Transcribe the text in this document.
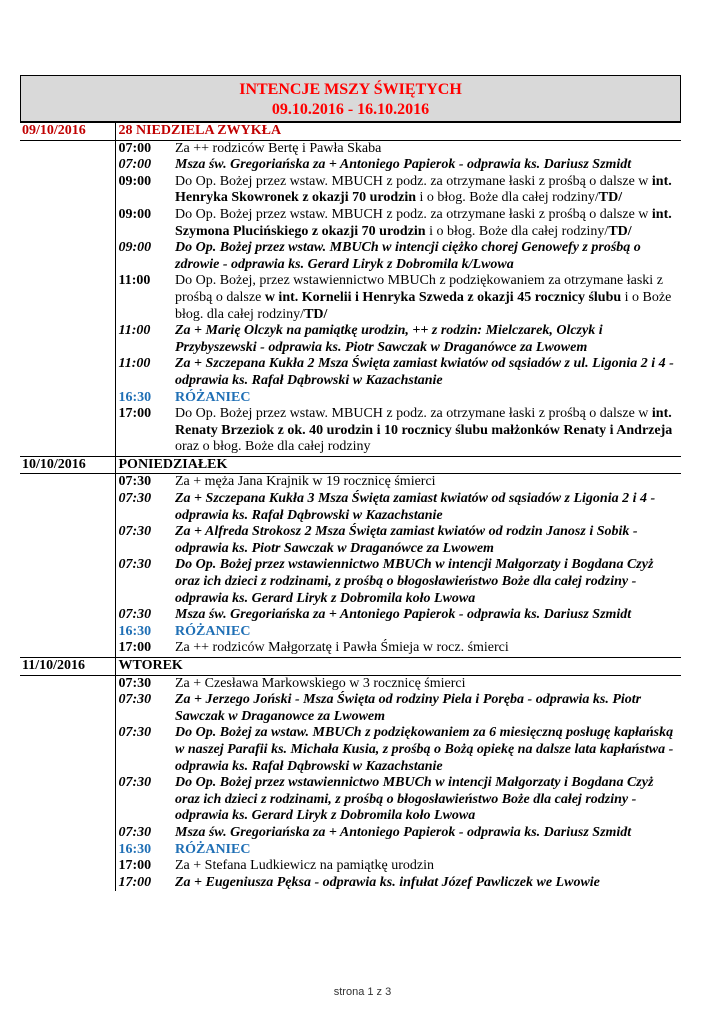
INTENCJE MSZY ŚWIĘTYCH
09.10.2016 - 16.10.2016
09/10/2016	28 NIEDZIELA ZWYKŁA	
	07:00	Za ++ rodziców Bertę i Pawła Skaba
	07:00	Msza św. Gregoriańska za + Antoniego Papierok - odprawia ks. Dariusz Szmidt
	09:00	Do Op. Bożej przez wstaw. MBUCH z podz. za otrzymane łaski z prośbą o dalsze w int. Henryka Skowronek z okazji 70 urodzin i o błog. Boże dla całej rodziny/TD/
	09:00	Do Op. Bożej przez wstaw. MBUCH z podz. za otrzymane łaski z prośbą o dalsze w int. Szymona Plucińskiego z okazji 70 urodzin i o błog. Boże dla całej rodziny/TD/
	09:00	Do Op. Bożej przez wstaw. MBUCh w intencji ciężko chorej Genowefy z prośbą o zdrowie - odprawia ks. Gerard Liryk z Dobromila k/Lwowa
	11:00	Do Op. Bożej, przez wstawiennictwo MBUCh z podziękowaniem za otrzymane łaski z prośbą o dalsze w int. Kornelii i Henryka Szweda z okazji 45 rocznicy ślubu i o Boże błog. dla całej rodziny/TD/
	11:00	Za + Marię Olczyk na pamiątkę urodzin, ++ z rodzin: Mielczarek, Olczyk i Przybyszewski - odprawia ks. Piotr Sawczak w Draganówce za Lwowem
	11:00	Za + Szczepana Kukła 2 Msza Święta zamiast kwiatów od sąsiadów z ul. Ligonia 2 i 4 - odprawia ks. Rafał Dąbrowski w Kazachstanie
	16:30	RÓŻANIEC
	17:00	Do Op. Bożej przez wstaw. MBUCH z podz. za otrzymane łaski z prośbą o dalsze w int. Renaty Brzeziok z ok. 40 urodzin i 10 rocznicy ślubu małżonków Renaty i Andrzeja oraz o błog. Boże dla całej rodziny
10/10/2016	PONIEDZIAŁEK	
	07:30	Za + męża Jana Krajnik w 19 rocznicę śmierci
	07:30	Za + Szczepana Kukła 3 Msza Święta zamiast kwiatów od sąsiadów z Ligonia 2 i 4 - odprawia ks. Rafał Dąbrowski w Kazachstanie
	07:30	Za + Alfreda Strokosz 2 Msza Święta zamiast kwiatów od rodzin Janosz i Sobik - odprawia ks. Piotr Sawczak w Draganówce za Lwowem
	07:30	Do Op. Bożej przez wstawiennictwo MBUCh w intencji Małgorzaty i Bogdana Czyż oraz ich dzieci z rodzinami, z prośbą o błogosławieństwo Boże dla całej rodziny - odprawia ks. Gerard Liryk z Dobromila koło Lwowa
	07:30	Msza św. Gregoriańska za + Antoniego Papierok - odprawia ks. Dariusz Szmidt
	16:30	RÓŻANIEC
	17:00	Za ++ rodziców Małgorzatę i Pawła Śmieja w rocz. śmierci
11/10/2016	WTOREK	
	07:30	Za + Czesława Markowskiego w 3 rocznicę śmierci
	07:30	Za + Jerzego Joński - Msza Święta od rodziny Piela i Poręba - odprawia ks. Piotr Sawczak w Draganowce za Lwowem
	07:30	Do Op. Bożej za wstaw. MBUCh z podziękowaniem za 6 miesięczną posługę kapłańską w naszej Parafii ks. Michała Kusia, z prośbą o Bożą opiekę na dalsze lata kapłaństwa - odprawia ks. Rafał Dąbrowski w Kazachstanie
	07:30	Do Op. Bożej przez wstawiennictwo MBUCh w intencji Małgorzaty i Bogdana Czyż oraz ich dzieci z rodzinami, z prośbą o błogosławieństwo Boże dla całej rodziny - odprawia ks. Gerard Liryk z Dobromila koło Lwowa
	07:30	Msza św. Gregoriańska za + Antoniego Papierok - odprawia ks. Dariusz Szmidt
	16:30	RÓŻANIEC
	17:00	Za + Stefana Ludkiewicz na pamiątkę urodzin
	17:00	Za + Eugeniusza Pęksa - odprawia ks. infułat Józef Pawliczek we Lwowie
strona 1 z 3
